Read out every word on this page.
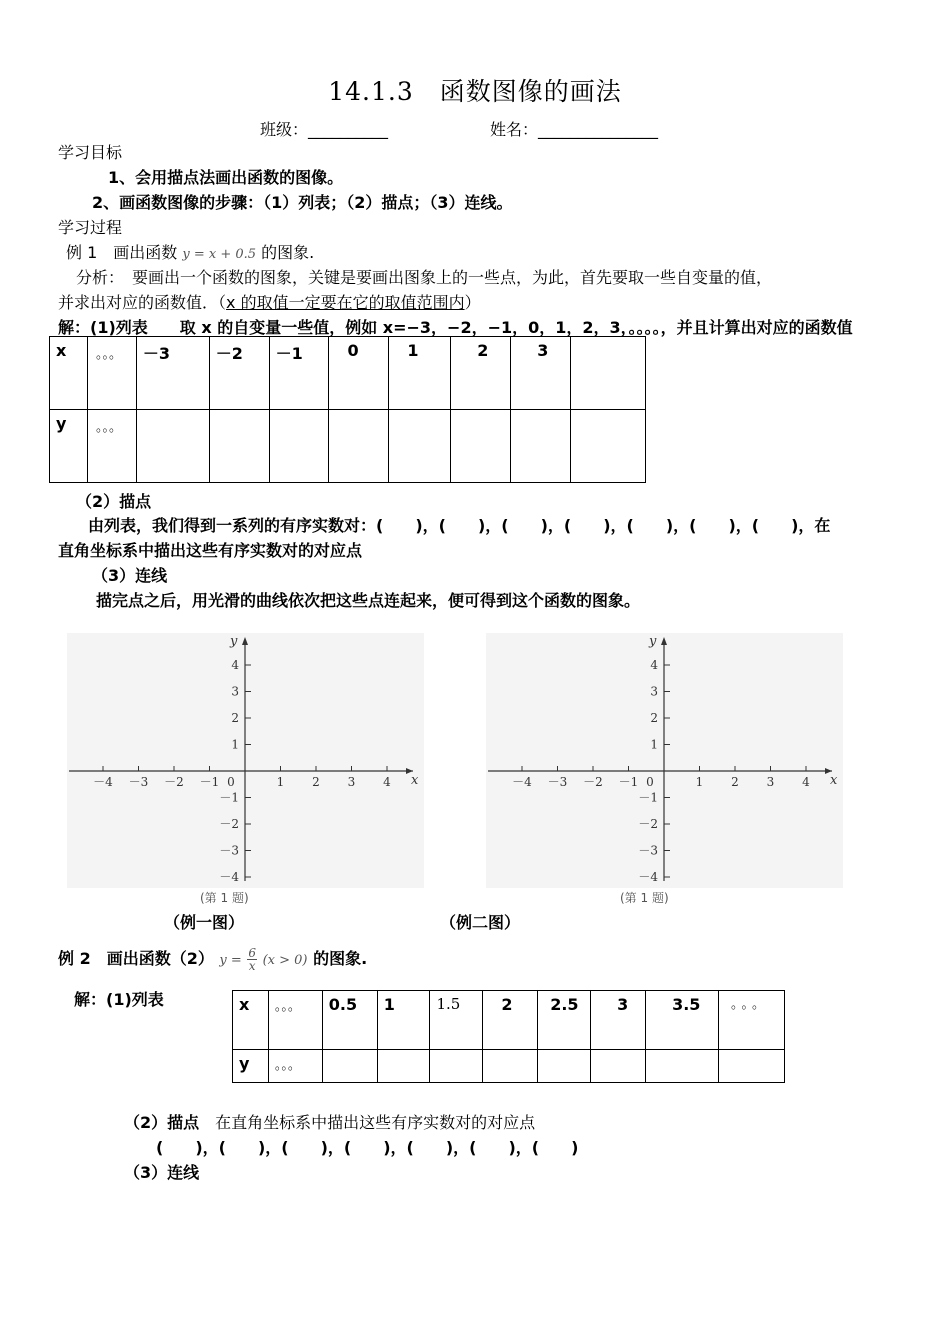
14.1.3　函数图像的画法
班级：__________	姓名：_______________
学习目标
1、会用描点法画出函数的图像。
2、画函数图像的步骤：（1）列表；（2）描点；（3）连线。
学习过程
例 1　画出函数 y = x + 0.5 的图象.
分析：　要画出一个函数的图象，关键是要画出图象上的一些点，为此，首先要取一些自变量的值，
并求出对应的函数值．（x 的取值一定要在它的取值范围内）
解：(1)列表　　取 x 的自变量一些值，例如 x=−3，−2，−1，0，1，2，3，。。。。，并且计算出对应的函数值
x	。。。	－3	－2	－1	0	1	2	3	

y	。。。								

（2）描点
由列表，我们得到一系列的有序实数对：(　　)，(　　)，(　　)，(　　)，(　　)，(　　)，(　　)，在
直角坐标系中描出这些有序实数对的对应点
（3）连线
描完点之后，用光滑的曲线依次把这些点连起来，便可得到这个函数的图象。
－4 －3 －2 －1 0	1 2 3 4
4
3
2
1
－1
－2
－3
－4
x
y
－4 －3 －2 －1 0	1 2 3 4
4
3
2
1
－1
－2
－3
－4
x
y
(第 1 题)	(第 1 题)
（例一图）	（例二图）
例 2　画出函数（2） $y = \frac{6}{x} (x > 0)$ 的图象.
解：(1)列表	x	。。。	0.5	1	1.5	2	2.5	3	3.5	。。。

y	。。。								

（2）描点　 在直角坐标系中描出这些有序实数对的对应点
(　　)，(　　)，(　　)，(　　)，(　　)，(　　)，(　　)
（3）连线
